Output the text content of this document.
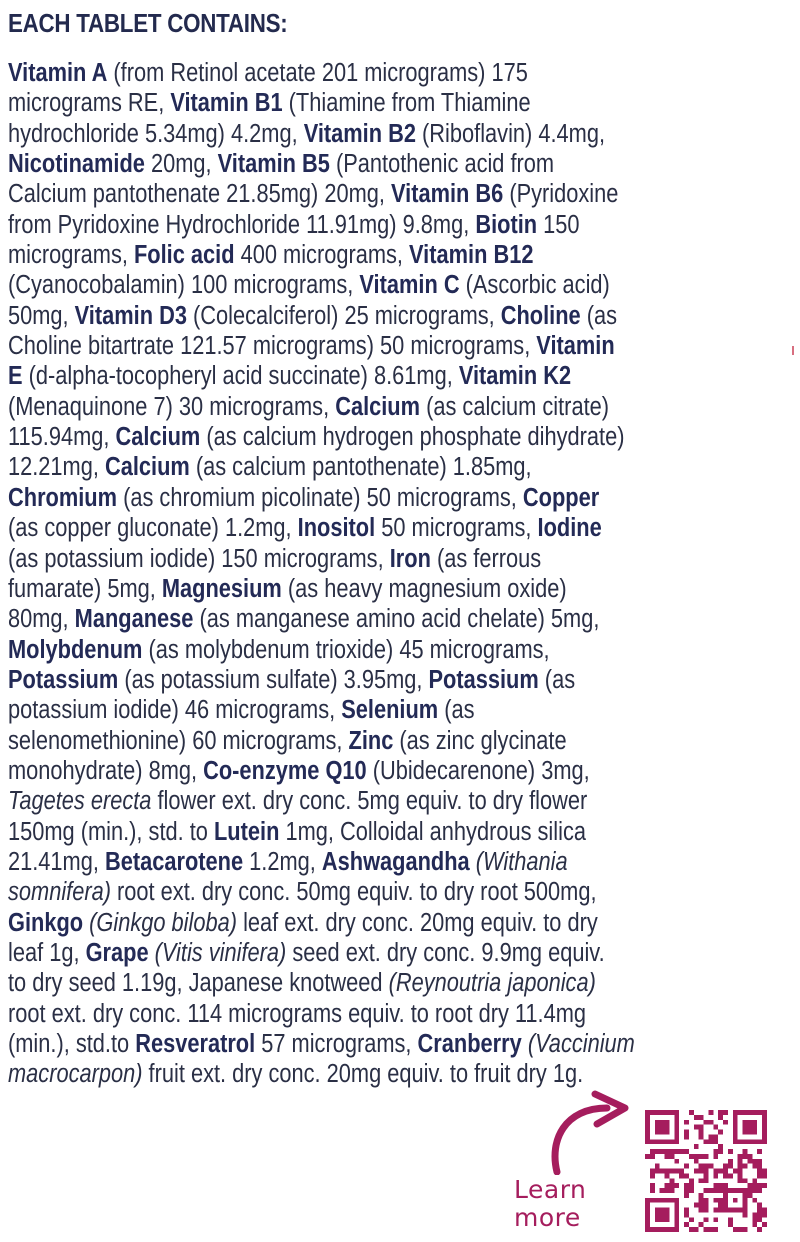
EACH TABLET CONTAINS:
Vitamin A (from Retinol acetate 201 micrograms) 175
micrograms RE, Vitamin B1 (Thiamine from Thiamine
hydrochloride 5.34mg) 4.2mg, Vitamin B2 (Riboflavin) 4.4mg,
Nicotinamide 20mg, Vitamin B5 (Pantothenic acid from
Calcium pantothenate 21.85mg) 20mg, Vitamin B6 (Pyridoxine
from Pyridoxine Hydrochloride 11.91mg) 9.8mg, Biotin 150
micrograms, Folic acid 400 micrograms, Vitamin B12
(Cyanocobalamin) 100 micrograms, Vitamin C (Ascorbic acid)
50mg, Vitamin D3 (Colecalciferol) 25 micrograms, Choline (as
Choline bitartrate 121.57 micrograms) 50 micrograms, Vitamin
E (d-alpha-tocopheryl acid succinate) 8.61mg, Vitamin K2
(Menaquinone 7) 30 micrograms, Calcium (as calcium citrate)
115.94mg, Calcium (as calcium hydrogen phosphate dihydrate)
12.21mg, Calcium (as calcium pantothenate) 1.85mg,
Chromium (as chromium picolinate) 50 micrograms, Copper
(as copper gluconate) 1.2mg, Inositol 50 micrograms, Iodine
(as potassium iodide) 150 micrograms, Iron (as ferrous
fumarate) 5mg, Magnesium (as heavy magnesium oxide)
80mg, Manganese (as manganese amino acid chelate) 5mg,
Molybdenum (as molybdenum trioxide) 45 micrograms,
Potassium (as potassium sulfate) 3.95mg, Potassium (as
potassium iodide) 46 micrograms, Selenium (as
selenomethionine) 60 micrograms, Zinc (as zinc glycinate
monohydrate) 8mg, Co-enzyme Q10 (Ubidecarenone) 3mg,
Tagetes erecta flower ext. dry conc. 5mg equiv. to dry flower
150mg (min.), std. to Lutein 1mg, Colloidal anhydrous silica
21.41mg, Betacarotene 1.2mg, Ashwagandha (Withania
somnifera) root ext. dry conc. 50mg equiv. to dry root 500mg,
Ginkgo (Ginkgo biloba) leaf ext. dry conc. 20mg equiv. to dry
leaf 1g, Grape (Vitis vinifera) seed ext. dry conc. 9.9mg equiv.
to dry seed 1.19g, Japanese knotweed (Reynoutria japonica)
root ext. dry conc. 114 micrograms equiv. to root dry 11.4mg
(min.), std.to Resveratrol 57 micrograms, Cranberry (Vaccinium
macrocarpon) fruit ext. dry conc. 20mg equiv. to fruit dry 1g.
Learn
more
